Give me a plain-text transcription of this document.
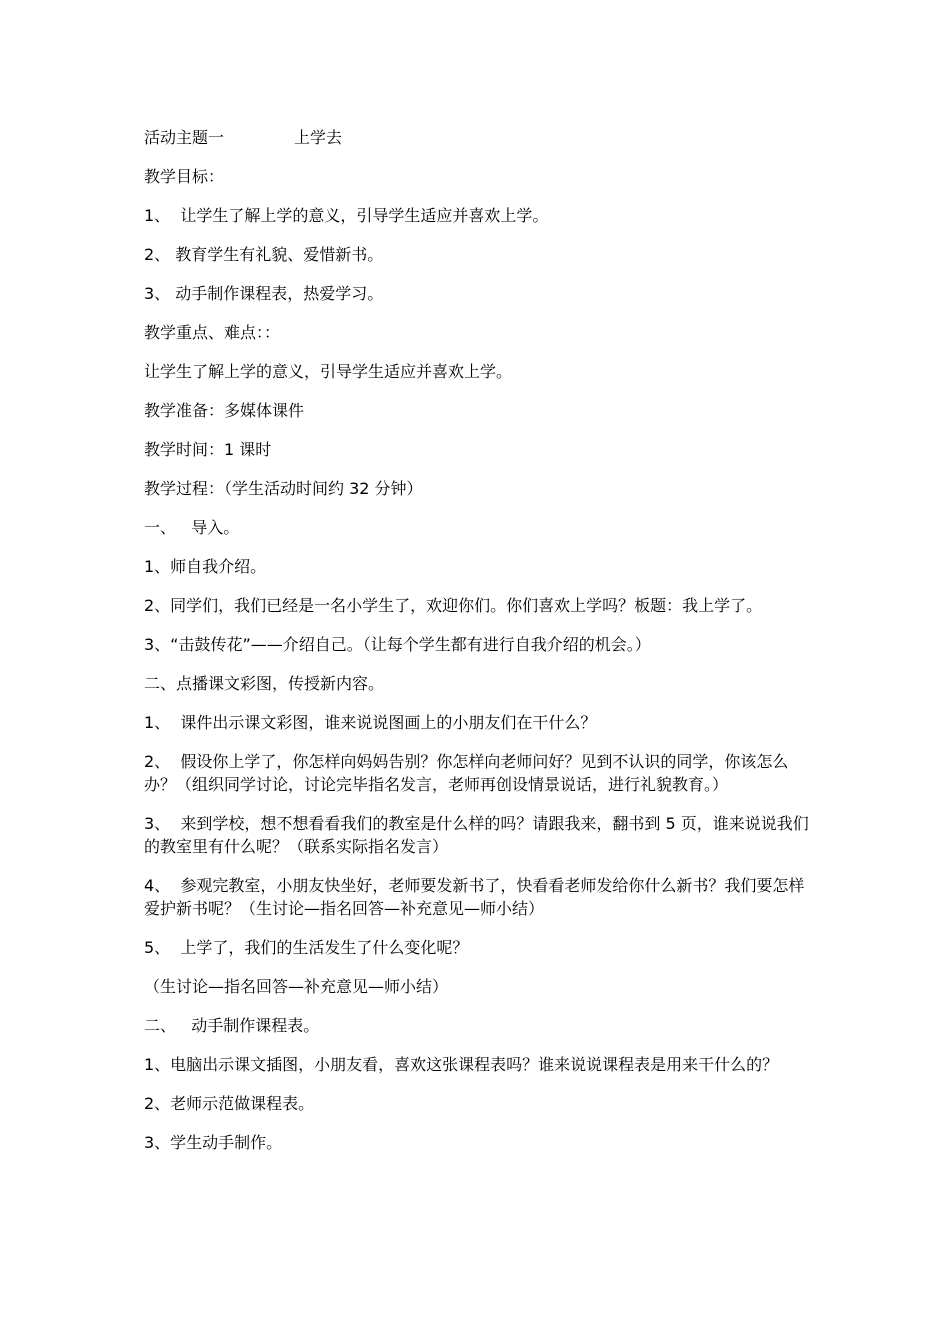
活动主题一	上学去

教学目标：

1、  让学生了解上学的意义，引导学生适应并喜欢上学。

2、 教育学生有礼貌、爱惜新书。

3、 动手制作课程表，热爱学习。

教学重点、难点：：

让学生了解上学的意义，引导学生适应并喜欢上学。

教学准备：多媒体课件

教学时间：1 课时

教学过程：（学生活动时间约 32 分钟）

一、   导入。

1、师自我介绍。

2、同学们，我们已经是一名小学生了，欢迎你们。你们喜欢上学吗？板题：我上学了。

3、“击鼓传花”——介绍自己。（让每个学生都有进行自我介绍的机会。）

二、点播课文彩图，传授新内容。

1、  课件出示课文彩图，谁来说说图画上的小朋友们在干什么？

2、  假设你上学了，你怎样向妈妈告别？你怎样向老师问好？见到不认识的同学，你该怎么办？（组织同学讨论，讨论完毕指名发言，老师再创设情景说话，进行礼貌教育。）

3、  来到学校，想不想看看我们的教室是什么样的吗？请跟我来，翻书到 5 页，谁来说说我们的教室里有什么呢？（联系实际指名发言）

4、  参观完教室，小朋友快坐好，老师要发新书了，快看看老师发给你什么新书？我们要怎样爱护新书呢？（生讨论—指名回答—补充意见—师小结）

5、  上学了，我们的生活发生了什么变化呢？

（生讨论—指名回答—补充意见—师小结）

二、   动手制作课程表。

1、电脑出示课文插图，小朋友看，喜欢这张课程表吗？谁来说说课程表是用来干什么的？

2、老师示范做课程表。

3、学生动手制作。
